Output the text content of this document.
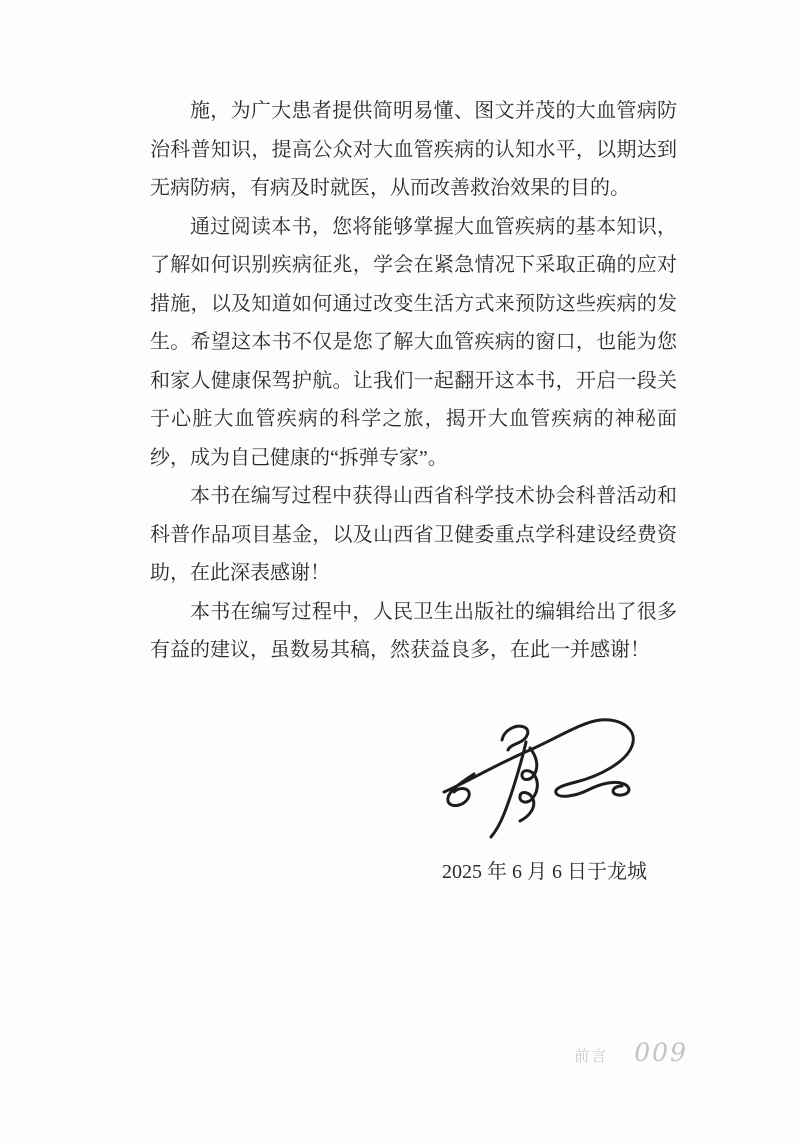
施，为广大患者提供简明易懂、图文并茂的大血管病防治科普知识，提高公众对大血管疾病的认知水平，以期达到无病防病，有病及时就医，从而改善救治效果的目的。

通过阅读本书，您将能够掌握大血管疾病的基本知识，了解如何识别疾病征兆，学会在紧急情况下采取正确的应对措施，以及知道如何通过改变生活方式来预防这些疾病的发生。希望这本书不仅是您了解大血管疾病的窗口，也能为您和家人健康保驾护航。让我们一起翻开这本书，开启一段关于心脏大血管疾病的科学之旅，揭开大血管疾病的神秘面纱，成为自己健康的“拆弹专家”。

本书在编写过程中获得山西省科学技术协会科普活动和科普作品项目基金，以及山西省卫健委重点学科建设经费资助，在此深表感谢！

本书在编写过程中，人民卫生出版社的编辑给出了很多有益的建议，虽数易其稿，然获益良多，在此一并感谢！

2025 年 6 月 6 日于龙城
前言 009
